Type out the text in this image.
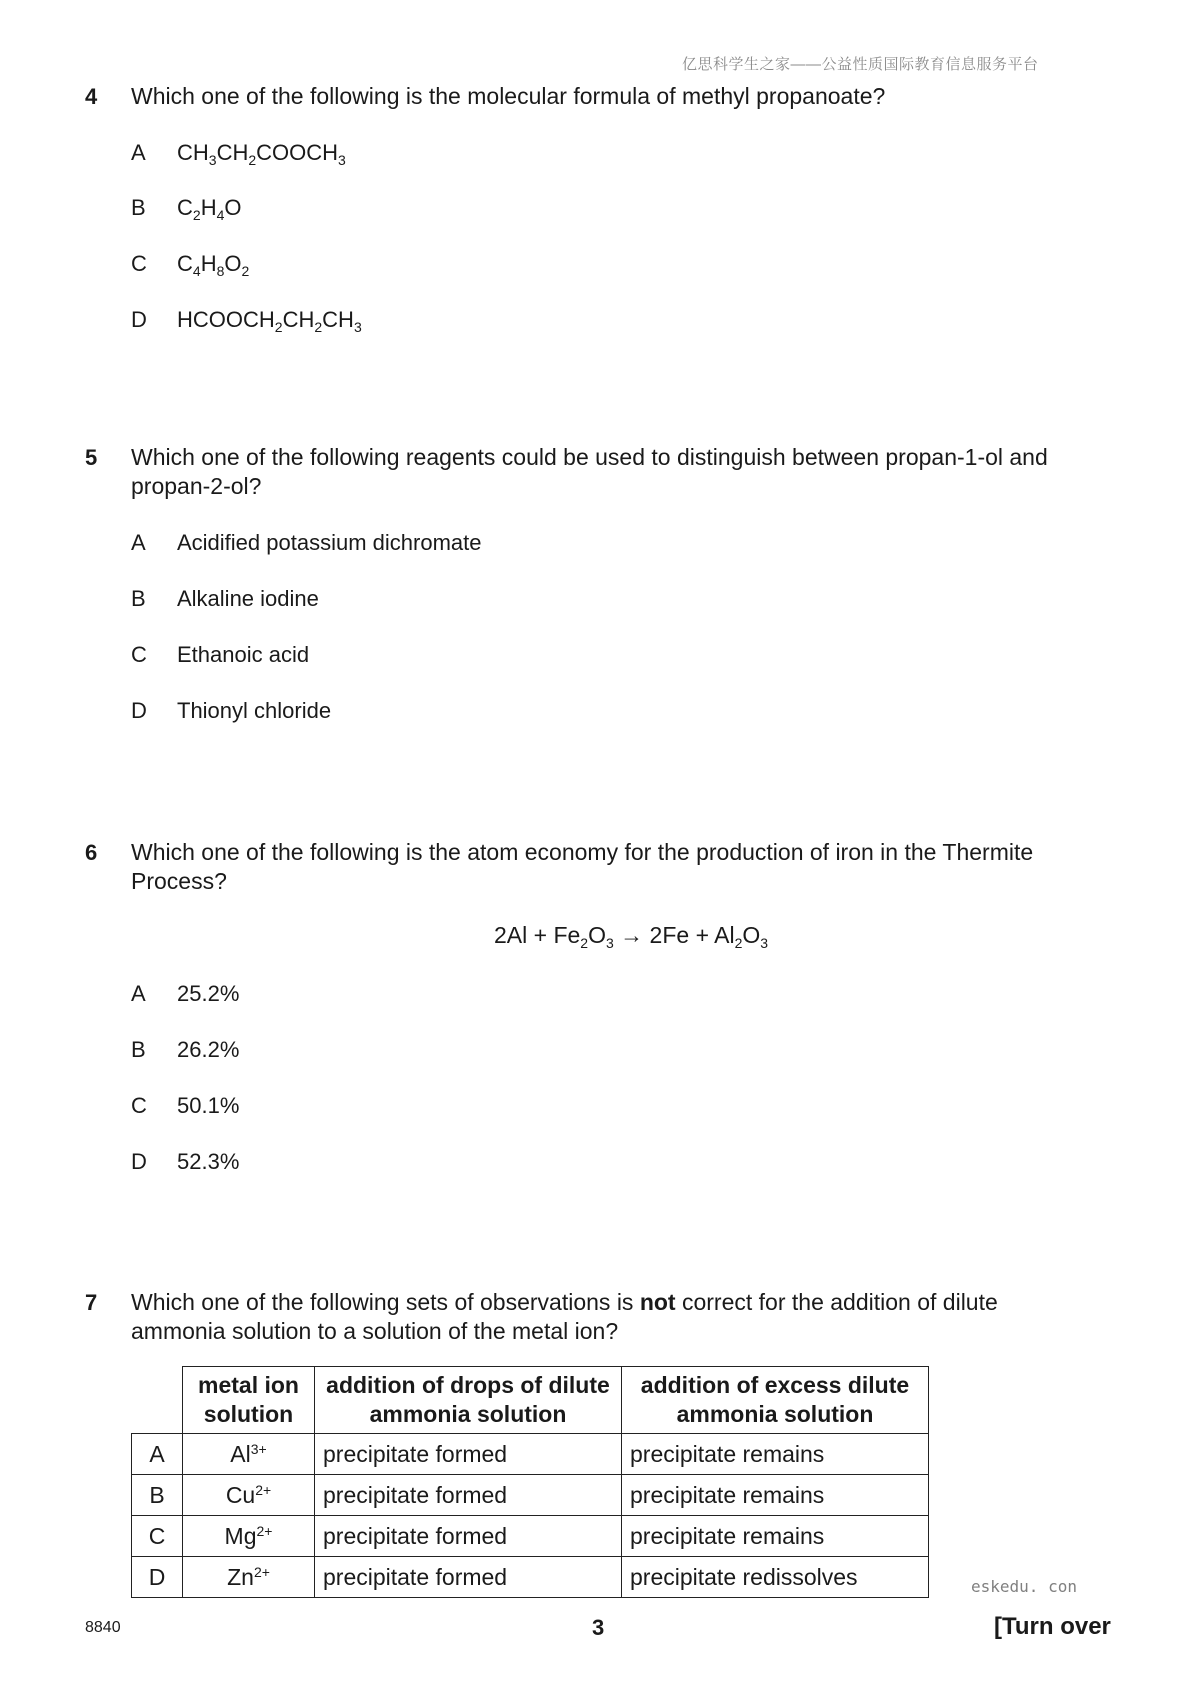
亿思科学生之家——公益性质国际教育信息服务平台
4 Which one of the following is the molecular formula of methyl propanoate?
A $CH_3CH_2COOCH_3$
B $C_2H_4O$
C $C_4H_8O_2$
D $HCOOCH_2CH_2CH_3$
5 Which one of the following reagents could be used to distinguish between propan-1-ol and propan-2-ol?
A Acidified potassium dichromate
B Alkaline iodine
C Ethanoic acid
D Thionyl chloride
6 Which one of the following is the atom economy for the production of iron in the Thermite Process?
$2Al + Fe_2O_3 \to 2Fe + Al_2O_3$
A 25.2%
B 26.2%
C 50.1%
D 52.3%
7 Which one of the following sets of observations is not correct for the addition of dilute ammonia solution to a solution of the metal ion?
	metal ion solution	addition of drops of dilute ammonia solution	addition of excess dilute ammonia solution
A	$Al^{3+}$	precipitate formed	precipitate remains
B	$Cu^{2+}$	precipitate formed	precipitate remains
C	$Mg^{2+}$	precipitate formed	precipitate remains
D	$Zn^{2+}$	precipitate formed	precipitate redissolves	eskedu. con
8840	3	[Turn over
